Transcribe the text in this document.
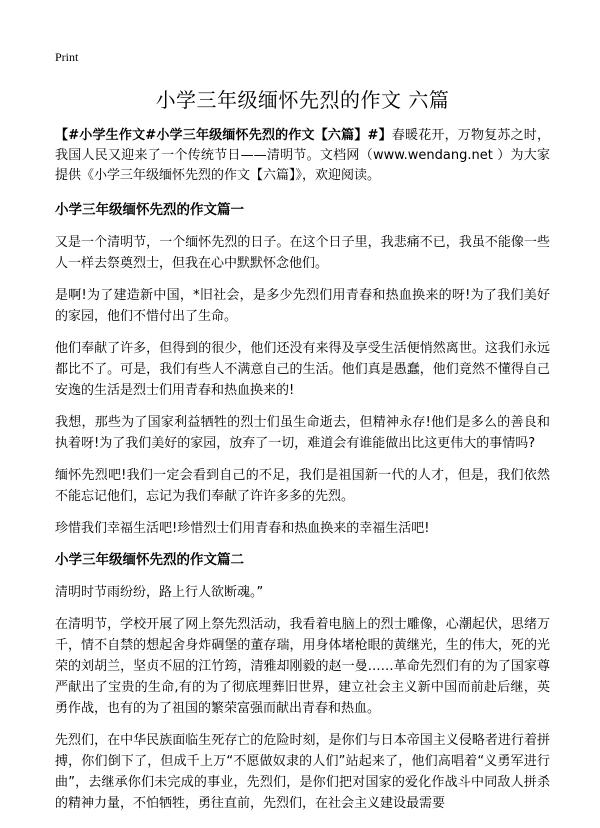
Print
小学三年级缅怀先烈的作文 六篇

【#小学生作文#小学三年级缅怀先烈的作文【六篇】#】春暖花开，万物复苏之时，我国人民又迎来了一个传统节日——清明节。文档网（www.wendang.net ）为大家提供《小学三年级缅怀先烈的作文【六篇】》，欢迎阅读。

小学三年级缅怀先烈的作文篇一

又是一个清明节，一个缅怀先烈的日子。在这个日子里，我悲痛不已，我虽不能像一些人一样去祭奠烈士，但我在心中默默怀念他们。

是啊!为了建造新中国，*旧社会，是多少先烈们用青春和热血换来的呀!为了我们美好的家园，他们不惜付出了生命。

他们奉献了许多，但得到的很少，他们还没有来得及享受生活便悄然离世。这我们永远都比不了。可是，我们有些人不满意自己的生活。他们真是愚蠢，他们竟然不懂得自己安逸的生活是烈士们用青春和热血换来的!

我想，那些为了国家利益牺牲的烈士们虽生命逝去，但精神永存!他们是多么的善良和执着呀!为了我们美好的家园，放弃了一切，难道会有谁能做出比这更伟大的事情吗?

缅怀先烈吧!我们一定会看到自己的不足，我们是祖国新一代的人才，但是，我们依然不能忘记他们，忘记为我们奉献了许许多多的先烈。

珍惜我们幸福生活吧!珍惜烈士们用青春和热血换来的幸福生活吧!

小学三年级缅怀先烈的作文篇二

清明时节雨纷纷，路上行人欲断魂。”

在清明节，学校开展了网上祭先烈活动，我看着电脑上的烈士雕像，心潮起伏，思绪万千，情不自禁的想起舍身炸碉堡的董存瑞，用身体堵枪眼的黄继光，生的伟大，死的光荣的刘胡兰，坚贞不屈的江竹筠，清雅却刚毅的赵一曼……革命先烈们有的为了国家尊严献出了宝贵的生命,有的为了彻底埋葬旧世界，建立社会主义新中国而前赴后继，英勇作战，也有的为了祖国的繁荣富强而献出青春和热血。

先烈们，在中华民族面临生死存亡的危险时刻，是你们与日本帝国主义侵略者进行着拼搏，你们倒下了，但成千上万“不愿做奴隶的人们”站起来了，他们高唱着“义勇军进行曲”，去继承你们未完成的事业，先烈们，是你们把对国家的爱化作战斗中同敌人拼杀的精神力量，不怕牺牲，勇往直前，先烈们，在社会主义建设最需要
